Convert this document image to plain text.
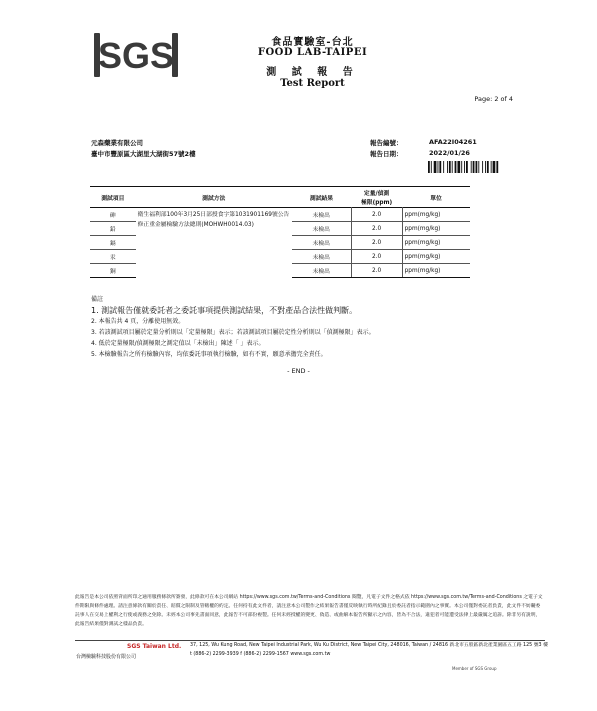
SGS	食品實驗室-台北
FOOD LAB-TAIPEI
測 試 報 告
Test Report
Page: 2 of 4
元森藥業有限公司
臺中市豐原區大湖里大湖街57號2樓
報告編號：	AFA22I04261
報告日期：	2022/01/26
測試項目	測試方法	測試結果	定量/偵測
極限(ppm)	單位
砷	衛生福利部100年3月25日部授食字第1031901169號公告修正重金屬檢驗方法總則(MOHWH0014.03)	未檢出	2.0	ppm(mg/kg)
鉛		未檢出	2.0	ppm(mg/kg)
鎘		未檢出	2.0	ppm(mg/kg)
汞		未檢出	2.0	ppm(mg/kg)
銅		未檢出	2.0	ppm(mg/kg)
備註
1. 測試報告僅就委託者之委託事項提供測試結果，不對產品合法性做判斷。
2. 本報告共 4 頁，分離使用無效。
3. 若該測試項目屬於定量分析則以「定量極限」表示；若該測試項目屬於定性分析則以「偵測極限」表示。
4. 低於定量極限/偵測極限之測定值以「未檢出」陳述「 」表示。
5. 本檢驗報告之所有檢驗內容，均依委託事項執行檢驗，如有不實，願意承擔完全責任。
- END -
此報告是本公司依照背面所印之通用服務條款所簽發，此條款可在本公司網站 https://www.sgs.com.tw/Terms-and-Conditions 閱覽，凡電子文件之格式依 https://www.sgs.com.tw/Terms-and-Conditions 之電子文件期限與條件處理。請注意條款有關於責任、賠償之限制及管轄權的約定。任何持有此文件者，請注意本公司製作之結果報告書僅反映執行時所紀錄且於委託者指示範圍內之事實。本公司僅對委託者負責，此文件不妨礙委託事人在交易上權利之行使或義務之免除。未經本公司事先書面同意，此報告不可部份複製。任何未經授權的變更、偽造、或曲解本報告所顯示之內容，皆為不合法，違犯者可能遭受法律上最嚴厲之追訴。除非另有說明，此報告結果僅對測試之樣品負責。
SGS Taiwan Ltd.
台灣檢驗科技股份有限公司
37, 125, Wu Kung Road, New Taipei Industrial Park, Wu Ku District, New Taipei City, 248016, Taiwan / 24816 新北市五股區新北產業園區五工路 125 號3 樓
t (886-2) 2299-3939 f (886-2) 2299-1567 www.sgs.com.tw
Member of SGS Group
